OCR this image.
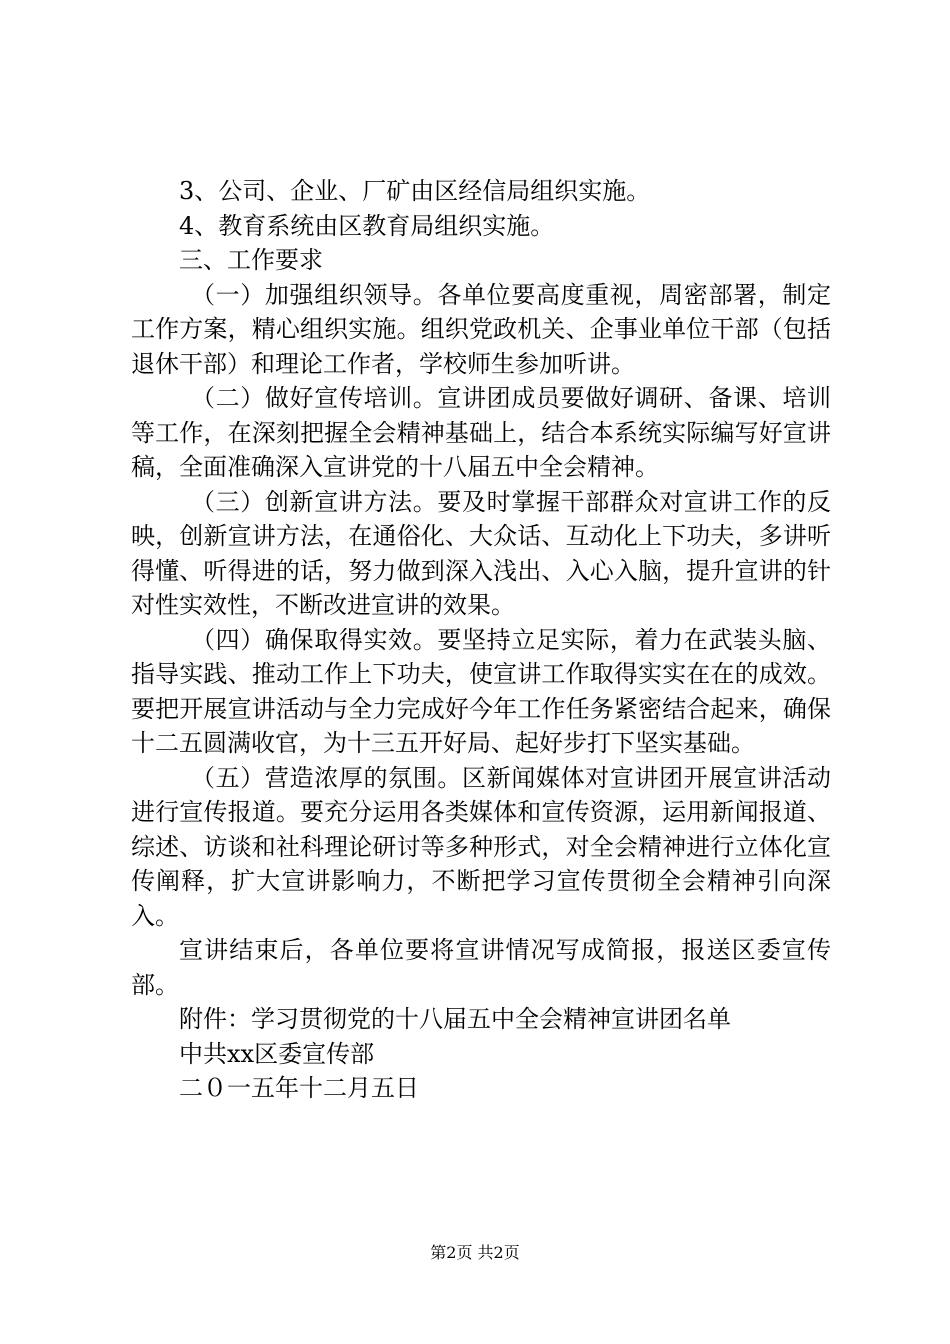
3、公司、企业、厂矿由区经信局组织实施。

4、教育系统由区教育局组织实施。

三、工作要求

（一）加强组织领导。各单位要高度重视，周密部署，制定工作方案，精心组织实施。组织党政机关、企事业单位干部（包括退休干部）和理论工作者，学校师生参加听讲。

（二）做好宣传培训。宣讲团成员要做好调研、备课、培训等工作，在深刻把握全会精神基础上，结合本系统实际编写好宣讲稿，全面准确深入宣讲党的十八届五中全会精神。

（三）创新宣讲方法。要及时掌握干部群众对宣讲工作的反映，创新宣讲方法，在通俗化、大众话、互动化上下功夫，多讲听得懂、听得进的话，努力做到深入浅出、入心入脑，提升宣讲的针对性实效性，不断改进宣讲的效果。

（四）确保取得实效。要坚持立足实际，着力在武装头脑、指导实践、推动工作上下功夫，使宣讲工作取得实实在在的成效。要把开展宣讲活动与全力完成好今年工作任务紧密结合起来，确保十二五圆满收官，为十三五开好局、起好步打下坚实基础。

（五）营造浓厚的氛围。区新闻媒体对宣讲团开展宣讲活动进行宣传报道。要充分运用各类媒体和宣传资源，运用新闻报道、综述、访谈和社科理论研讨等多种形式，对全会精神进行立体化宣传阐释，扩大宣讲影响力，不断把学习宣传贯彻全会精神引向深入。

宣讲结束后，各单位要将宣讲情况写成简报，报送区委宣传部。

附件：学习贯彻党的十八届五中全会精神宣讲团名单

中共xx区委宣传部

二０一五年十二月五日

第2页 共2页
